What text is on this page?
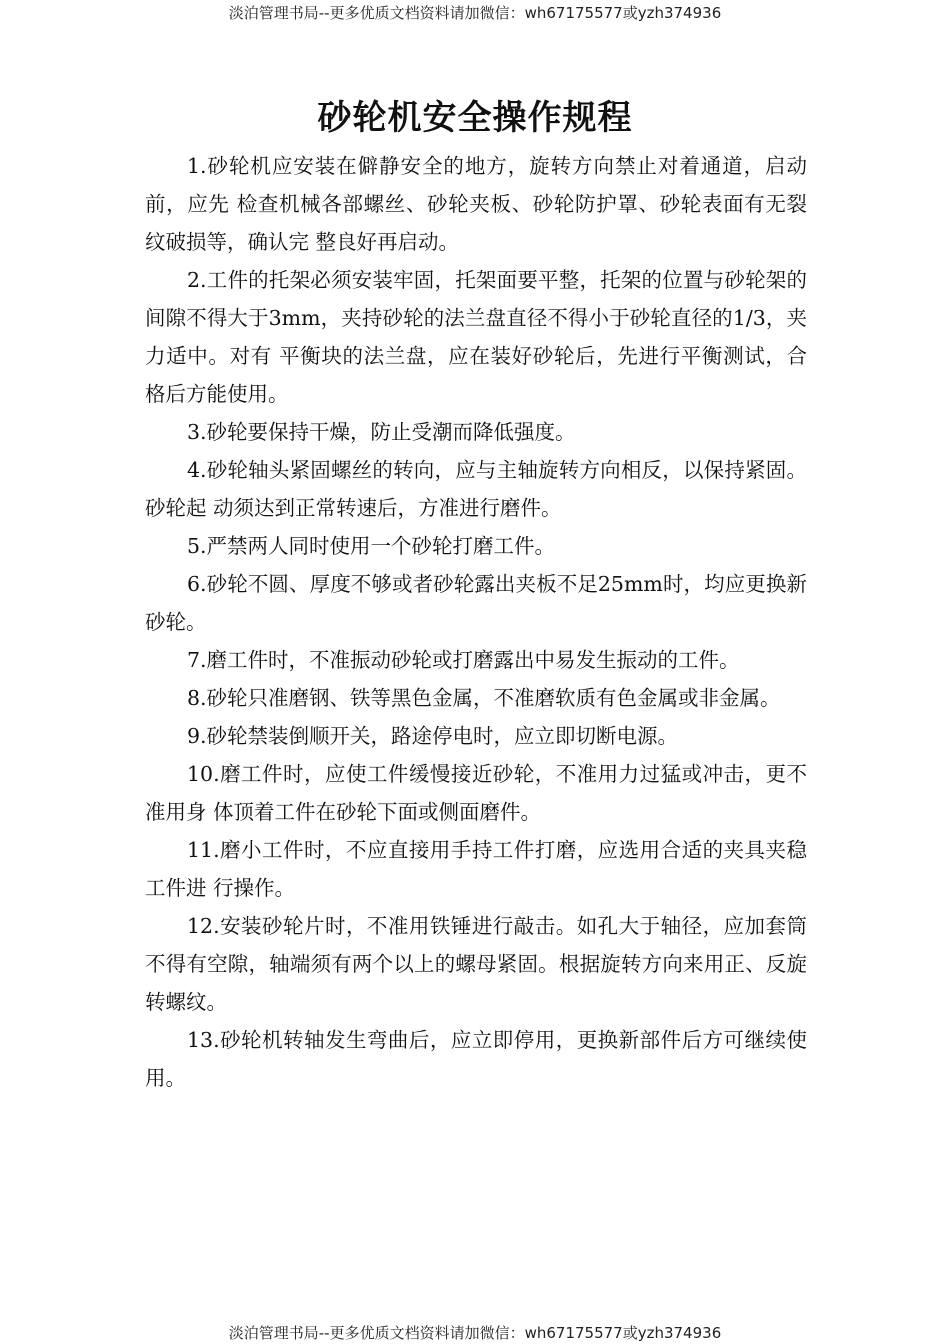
淡泊管理书局--更多优质文档资料请加微信：wh67175577或yzh374936
砂轮机安全操作规程

1.砂轮机应安装在僻静安全的地方，旋转方向禁止对着通道，启动前，应先 检查机械各部螺丝、砂轮夹板、砂轮防护罩、砂轮表面有无裂纹破损等，确认完 整良好再启动。

2.工件的托架必须安装牢固，托架面要平整，托架的位置与砂轮架的间隙不得大于3mm，夹持砂轮的法兰盘直径不得小于砂轮直径的1/3，夹力适中。对有 平衡块的法兰盘，应在装好砂轮后，先进行平衡测试，合格后方能使用。

3.砂轮要保持干燥，防止受潮而降低强度。

4.砂轮轴头紧固螺丝的转向，应与主轴旋转方向相反，以保持紧固。砂轮起 动须达到正常转速后，方准进行磨件。

5.严禁两人同时使用一个砂轮打磨工件。

6.砂轮不圆、厚度不够或者砂轮露出夹板不足25mm时，均应更换新砂轮。

7.磨工件时，不准振动砂轮或打磨露出中易发生振动的工件。

8.砂轮只准磨钢、铁等黑色金属，不准磨软质有色金属或非金属。

9.砂轮禁装倒顺开关，路途停电时，应立即切断电源。

10.磨工件时，应使工件缓慢接近砂轮，不准用力过猛或冲击，更不准用身 体顶着工件在砂轮下面或侧面磨件。

11.磨小工件时，不应直接用手持工件打磨，应选用合适的夹具夹稳工件进 行操作。

12.安装砂轮片时，不准用铁锤进行敲击。如孔大于轴径，应加套筒不得有空隙，轴端须有两个以上的螺母紧固。根据旋转方向来用正、反旋转螺纹。

13.砂轮机转轴发生弯曲后，应立即停用，更换新部件后方可继续使用。

淡泊管理书局--更多优质文档资料请加微信：wh67175577或yzh374936
